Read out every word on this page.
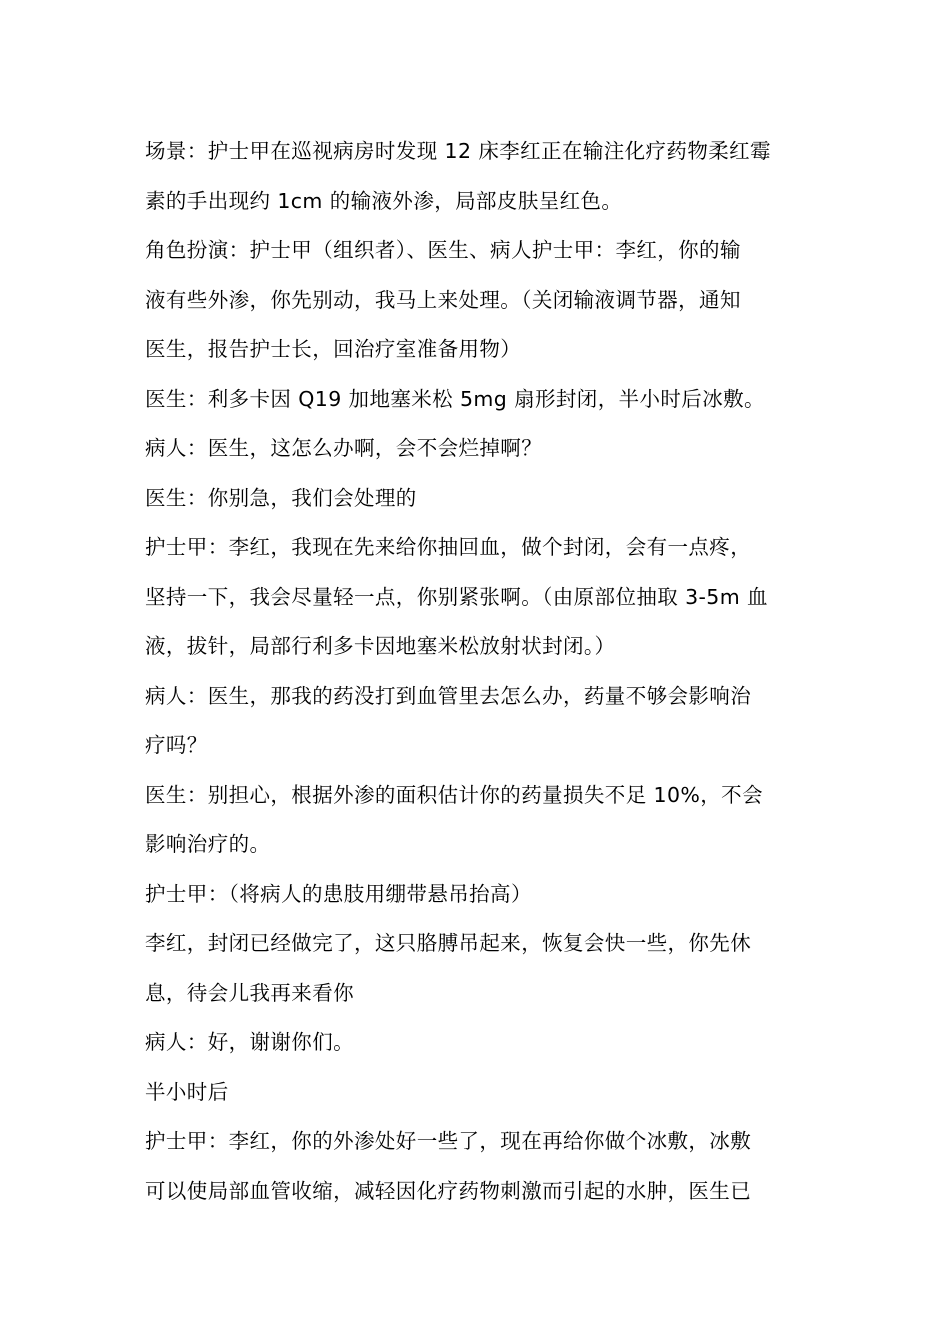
场景：护士甲在巡视病房时发现 12 床李红正在输注化疗药物柔红霉
素的手出现约 1cm 的输液外渗，局部皮肤呈红色。
角色扮演：护士甲（组织者）、医生、病人护士甲：李红，你的输
液有些外渗，你先别动，我马上来处理。（关闭输液调节器，通知
医生，报告护士长，回治疗室准备用物）
医生：利多卡因 Q19 加地塞米松 5mg 扇形封闭，半小时后冰敷。
病人：医生，这怎么办啊，会不会烂掉啊？
医生：你别急，我们会处理的
护士甲：李红，我现在先来给你抽回血，做个封闭，会有一点疼，
坚持一下，我会尽量轻一点，你别紧张啊。（由原部位抽取 3-5m 血
液，拔针，局部行利多卡因地塞米松放射状封闭。）
病人：医生，那我的药没打到血管里去怎么办，药量不够会影响治
疗吗？
医生：别担心，根据外渗的面积估计你的药量损失不足 10%，不会
影响治疗的。
护士甲：（将病人的患肢用绷带悬吊抬高）
李红，封闭已经做完了，这只胳膊吊起来，恢复会快一些，你先休
息，待会儿我再来看你
病人：好，谢谢你们。
半小时后
护士甲：李红，你的外渗处好一些了，现在再给你做个冰敷，冰敷
可以使局部血管收缩，减轻因化疗药物刺激而引起的水肿，医生已
